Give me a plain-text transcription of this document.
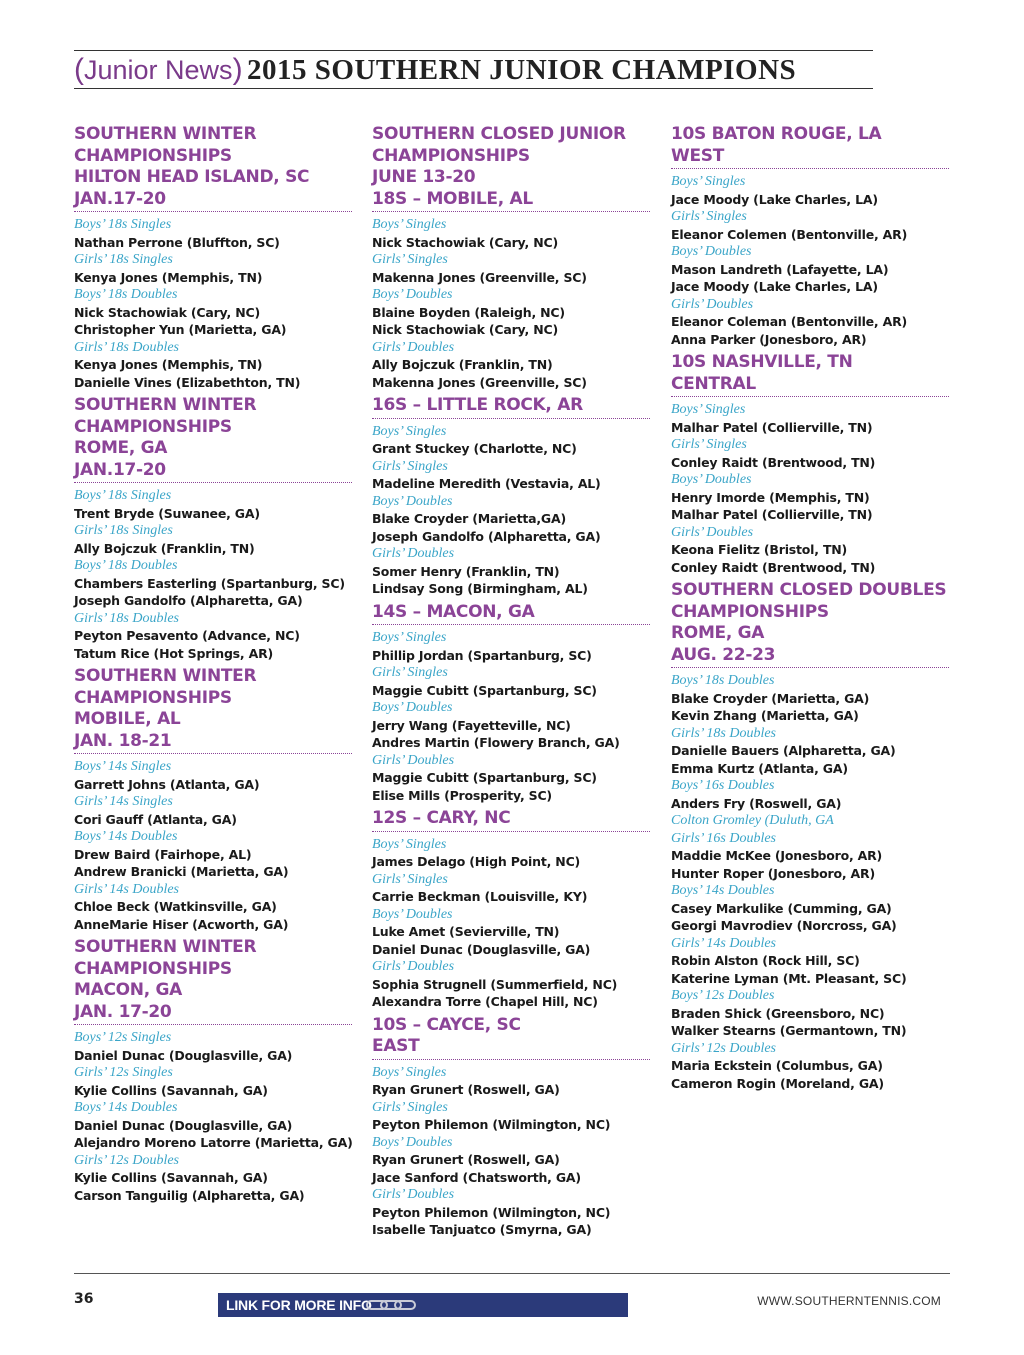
(Junior News) 2015 SOUTHERN JUNIOR CHAMPIONS
SOUTHERN WINTER
CHAMPIONSHIPS
HILTON HEAD ISLAND, SC
JAN.17-20
Boys’ 18s Singles
Nathan Perrone (Bluffton, SC)
Girls’ 18s Singles
Kenya Jones (Memphis, TN)
Boys’ 18s Doubles
Nick Stachowiak (Cary, NC)
Christopher Yun (Marietta, GA)
Girls’ 18s Doubles
Kenya Jones (Memphis, TN)
Danielle Vines (Elizabethton, TN)
SOUTHERN WINTER
CHAMPIONSHIPS
ROME, GA
JAN.17-20
Boys’ 18s Singles
Trent Bryde (Suwanee, GA)
Girls’ 18s Singles
Ally Bojczuk (Franklin, TN)
Boys’ 18s Doubles
Chambers Easterling (Spartanburg, SC)
Joseph Gandolfo (Alpharetta, GA)
Girls’ 18s Doubles
Peyton Pesavento (Advance, NC)
Tatum Rice (Hot Springs, AR)
SOUTHERN WINTER
CHAMPIONSHIPS
MOBILE, AL
JAN. 18-21
Boys’ 14s Singles
Garrett Johns (Atlanta, GA)
Girls’ 14s Singles
Cori Gauff (Atlanta, GA)
Boys’ 14s Doubles
Drew Baird (Fairhope, AL)
Andrew Branicki (Marietta, GA)
Girls’ 14s Doubles
Chloe Beck (Watkinsville, GA)
AnneMarie Hiser (Acworth, GA)
SOUTHERN WINTER
CHAMPIONSHIPS
MACON, GA
JAN. 17-20
Boys’ 12s Singles
Daniel Dunac (Douglasville, GA)
Girls’ 12s Singles
Kylie Collins (Savannah, GA)
Boys’ 14s Doubles
Daniel Dunac (Douglasville, GA)
Alejandro Moreno Latorre (Marietta, GA)
Girls’ 12s Doubles
Kylie Collins (Savannah, GA)
Carson Tanguilig (Alpharetta, GA)
SOUTHERN CLOSED JUNIOR
CHAMPIONSHIPS
JUNE 13-20
18S – MOBILE, AL
Boys’ Singles
Nick Stachowiak (Cary, NC)
Girls’ Singles
Makenna Jones (Greenville, SC)
Boys’ Doubles
Blaine Boyden (Raleigh, NC)
Nick Stachowiak (Cary, NC)
Girls’ Doubles
Ally Bojczuk (Franklin, TN)
Makenna Jones (Greenville, SC)
16S – LITTLE ROCK, AR
Boys’ Singles
Grant Stuckey (Charlotte, NC)
Girls’ Singles
Madeline Meredith (Vestavia, AL)
Boys’ Doubles
Blake Croyder (Marietta,GA)
Joseph Gandolfo (Alpharetta, GA)
Girls’ Doubles
Somer Henry (Franklin, TN)
Lindsay Song (Birmingham, AL)
14S – MACON, GA
Boys’ Singles
Phillip Jordan (Spartanburg, SC)
Girls’ Singles
Maggie Cubitt (Spartanburg, SC)
Boys’ Doubles
Jerry Wang (Fayetteville, NC)
Andres Martin (Flowery Branch, GA)
Girls’ Doubles
Maggie Cubitt (Spartanburg, SC)
Elise Mills (Prosperity, SC)
12S – CARY, NC
Boys’ Singles
James Delago (High Point, NC)
Girls’ Singles
Carrie Beckman (Louisville, KY)
Boys’ Doubles
Luke Amet (Sevierville, TN)
Daniel Dunac (Douglasville, GA)
Girls’ Doubles
Sophia Strugnell (Summerfield, NC)
Alexandra Torre (Chapel Hill, NC)
10S – CAYCE, SC
EAST
Boys’ Singles
Ryan Grunert (Roswell, GA)
Girls’ Singles
Peyton Philemon (Wilmington, NC)
Boys’ Doubles
Ryan Grunert (Roswell, GA)
Jace Sanford (Chatsworth, GA)
Girls’ Doubles
Peyton Philemon (Wilmington, NC)
Isabelle Tanjuatco (Smyrna, GA)
10S BATON ROUGE, LA
WEST
Boys’ Singles
Jace Moody (Lake Charles, LA)
Girls’ Singles
Eleanor Colemen (Bentonville, AR)
Boys’ Doubles
Mason Landreth (Lafayette, LA)
Jace Moody (Lake Charles, LA)
Girls’ Doubles
Eleanor Coleman (Bentonville, AR)
Anna Parker (Jonesboro, AR)
10S NASHVILLE, TN
CENTRAL
Boys’ Singles
Malhar Patel (Collierville, TN)
Girls’ Singles
Conley Raidt (Brentwood, TN)
Boys’ Doubles
Henry Imorde (Memphis, TN)
Malhar Patel (Collierville, TN)
Girls’ Doubles
Keona Fielitz (Bristol, TN)
Conley Raidt (Brentwood, TN)
SOUTHERN CLOSED DOUBLES
CHAMPIONSHIPS
ROME, GA
AUG. 22-23
Boys’ 18s Doubles
Blake Croyder (Marietta, GA)
Kevin Zhang (Marietta, GA)
Girls’ 18s Doubles
Danielle Bauers (Alpharetta, GA)
Emma Kurtz (Atlanta, GA)
Boys’ 16s Doubles
Anders Fry (Roswell, GA)
Colton Gromley (Duluth, GA
Girls’ 16s Doubles
Maddie McKee (Jonesboro, AR)
Hunter Roper (Jonesboro, AR)
Boys’ 14s Doubles
Casey Markulike (Cumming, GA)
Georgi Mavrodiev (Norcross, GA)
Girls’ 14s Doubles
Robin Alston (Rock Hill, SC)
Katerine Lyman (Mt. Pleasant, SC)
Boys’ 12s Doubles
Braden Shick (Greensboro, NC)
Walker Stearns (Germantown, TN)
Girls’ 12s Doubles
Maria Eckstein (Columbus, GA)
Cameron Rogin (Moreland, GA)
36	LINK FOR MORE INFO	WWW.SOUTHERNTENNIS.COM
